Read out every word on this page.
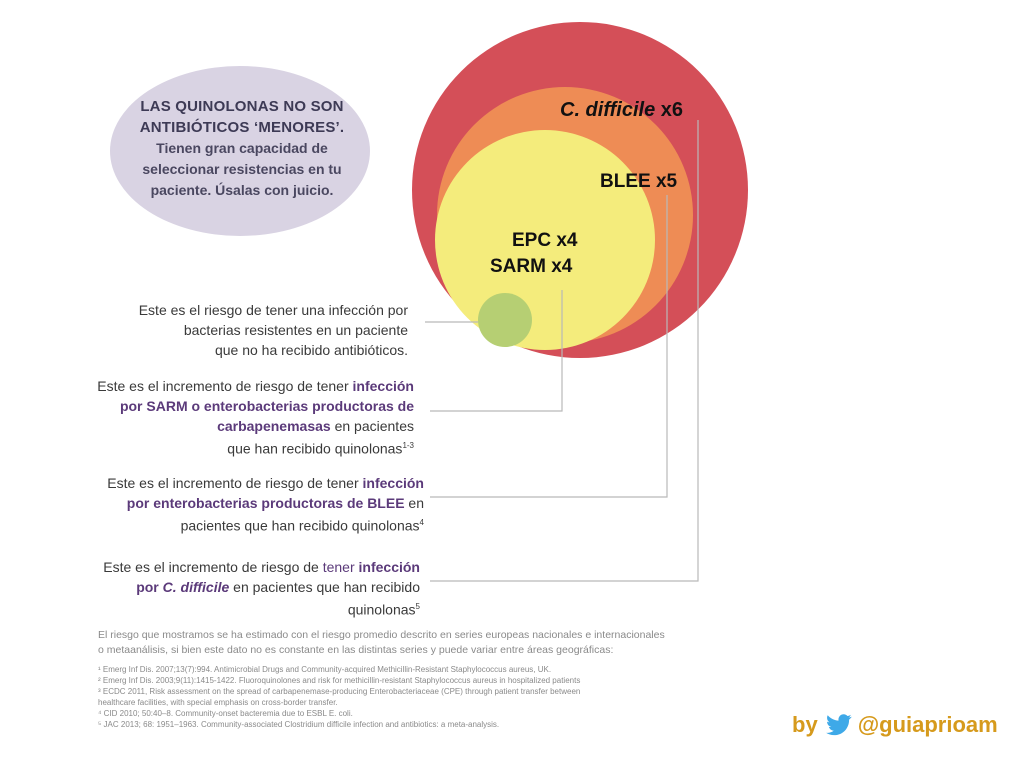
LAS QUINOLONAS NO SON
ANTIBIÓTICOS ‘MENORES’.
Tienen gran capacidad de
seleccionar resistencias en tu
paciente. Úsalas con juicio.
C. difficile x6
BLEE x5
EPC x4
SARM x4
Este es el riesgo de tener una infección por
bacterias resistentes en un paciente
que no ha recibido antibióticos.
Este es el incremento de riesgo de tener infección
por SARM o enterobacterias productoras de
carbapenemasas en pacientes
que han recibido quinolonas$^{1-3}$
Este es el incremento de riesgo de tener infección
por enterobacterias productoras de BLEE en
pacientes que han recibido quinolonas$^4$
Este es el incremento de riesgo de tener infección
por C. difficile en pacientes que han recibido
quinolonas$^5$
El riesgo que mostramos se ha estimado con el riesgo promedio descrito en series europeas nacionales e internacionales
o metaanálisis, si bien este dato no es constante en las distintas series y puede variar entre áreas geográficas:
¹ Emerg Inf Dis. 2007;13(7):994. Antimicrobial Drugs and Community-acquired Methicillin-Resistant Staphylococcus aureus, UK.
² Emerg Inf Dis. 2003;9(11):1415-1422. Fluoroquinolones and risk for methicillin-resistant Staphylococcus aureus in hospitalized patients
³ ECDC 2011, Risk assessment on the spread of carbapenemase-producing Enterobacteriaceae (CPE) through patient transfer between
healthcare facilities, with special emphasis on cross-border transfer.
⁴ CID 2010; 50:40–8. Community-onset bacteremia due to ESBL E. coli.
⁵ JAC 2013; 68: 1951–1963. Community-associated Clostridium difficile infection and antibiotics: a meta-analysis.	by @guiaprioam
